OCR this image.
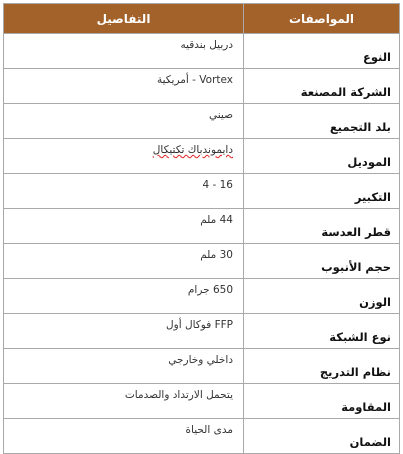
المواصفات	التفاصيل
النوع	دربيل بندقيه
الشركة المصنعة	Vortex - أمريكية
بلد التجميع	صيني
الموديل	دايموندباك تكتيكال
التكبير	4 - 16
قطر العدسة	44 ملم
حجم الأنبوب	30 ملم
الوزن	650 جرام
نوع الشبكة	FFP فوكال أول
نظام التدريج	داخلي وخارجي
المقاومة	يتحمل الارتداد والصدمات
الضمان	مدى الحياة
